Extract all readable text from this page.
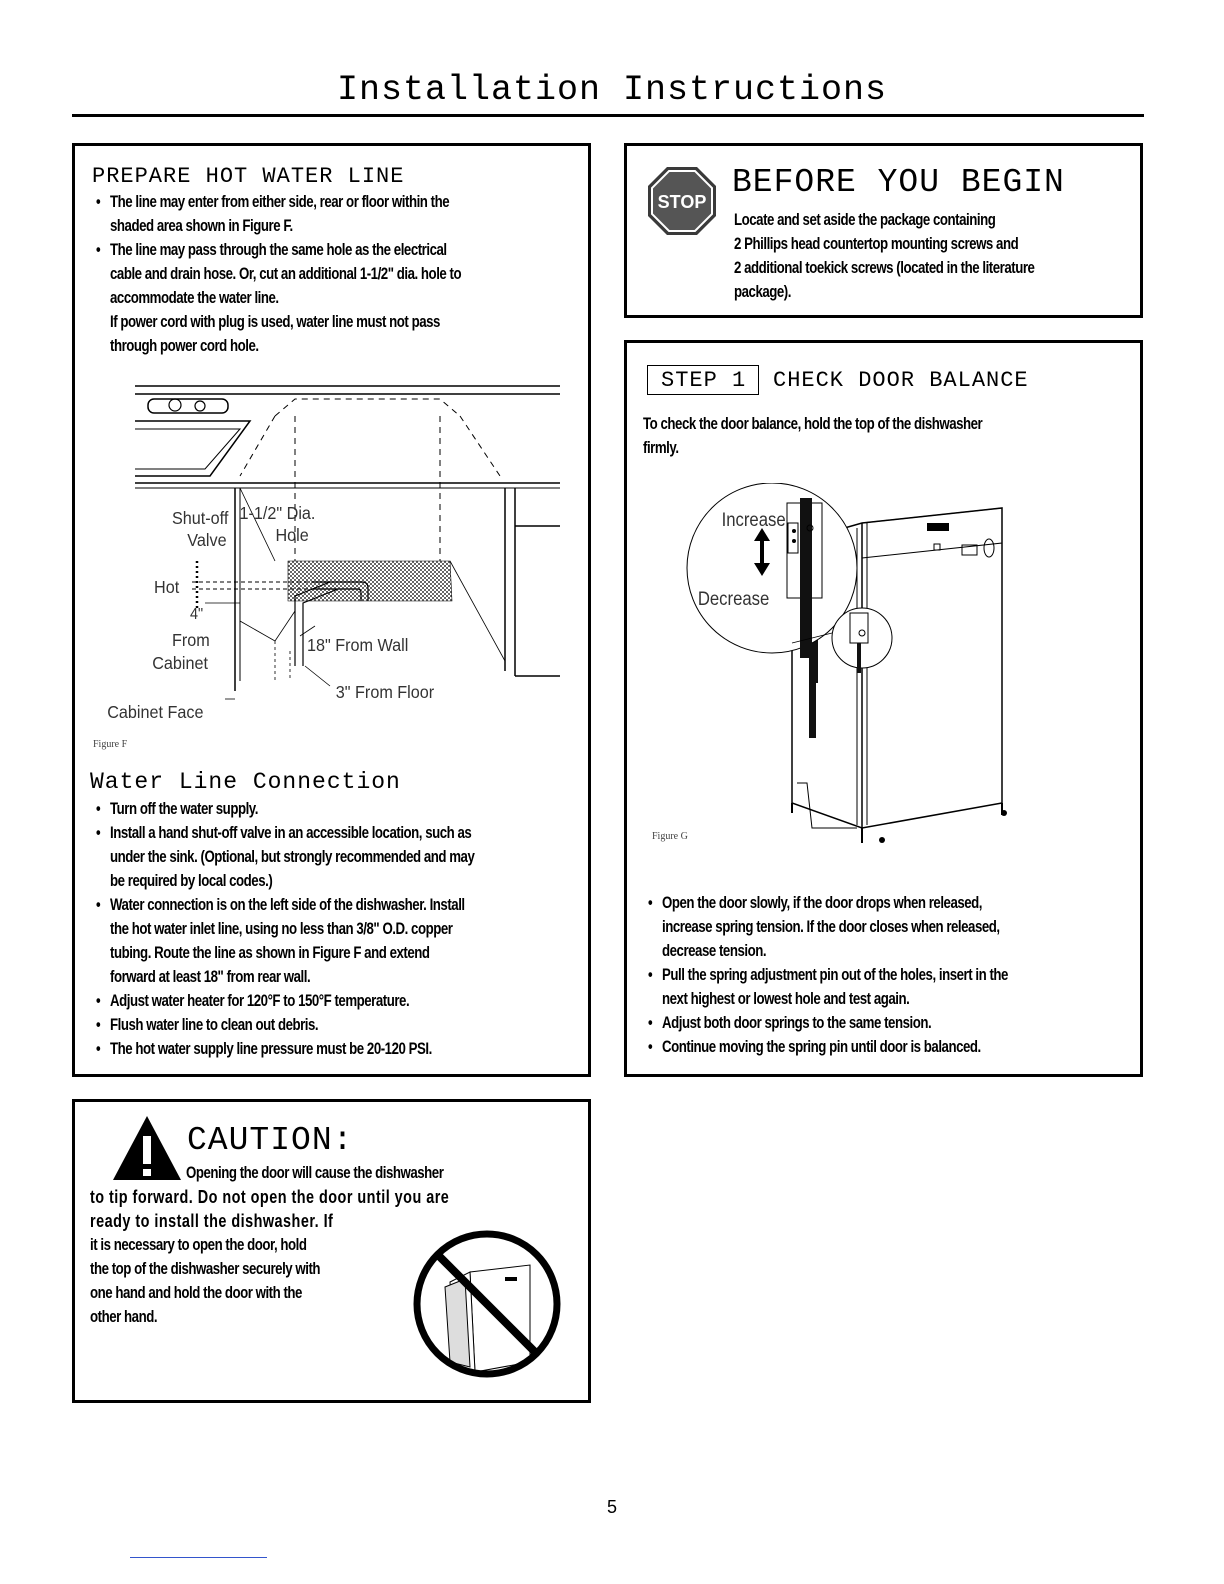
Installation Instructions
PREPARE HOT WATER LINE
• The line may enter from either side, rear or floor within the
shaded area shown in Figure F.
• The line may pass through the same hole as the electrical
cable and drain hose. Or, cut an additional 1-1/2" dia. hole to
accommodate the water line.
If power cord with plug is used, water line must not pass
through power cord hole.
Shut-off
Valve
1-1/2" Dia.
Hole
Hot
4"
From
Cabinet
18" From Wall
3" From Floor
Cabinet Face
Figure F
Water Line Connection
• Turn off the water supply.
• Install a hand shut-off valve in an accessible location, such as
under the sink. (Optional, but strongly recommended and may
be required by local codes.)
• Water connection is on the left side of the dishwasher. Install
the hot water inlet line, using no less than 3/8" O.D. copper
tubing. Route the line as shown in Figure F and extend
forward at least 18" from rear wall.
• Adjust water heater for 120°F to 150°F temperature.
• Flush water line to clean out debris.
• The hot water supply line pressure must be 20-120 PSI.
STOP
BEFORE YOU BEGIN
Locate and set aside the package containing
2 Phillips head countertop mounting screws and
2 additional toekick screws (located in the literature
package).
STEP 1 CHECK DOOR BALANCE
To check the door balance, hold the top of the dishwasher
firmly.
Increase
Decrease
Figure G
• Open the door slowly, if the door drops when released,
increase spring tension. If the door closes when released,
decrease tension.
• Pull the spring adjustment pin out of the holes, insert in the
next highest or lowest hole and test again.
• Adjust both door springs to the same tension.
• Continue moving the spring pin until door is balanced.
CAUTION:
Opening the door will cause the dishwasher
to tip forward. Do not open the door until you are
ready to install the dishwasher. If
it is necessary to open the door, hold
the top of the dishwasher securely with
one hand and hold the door with the
other hand.
5
